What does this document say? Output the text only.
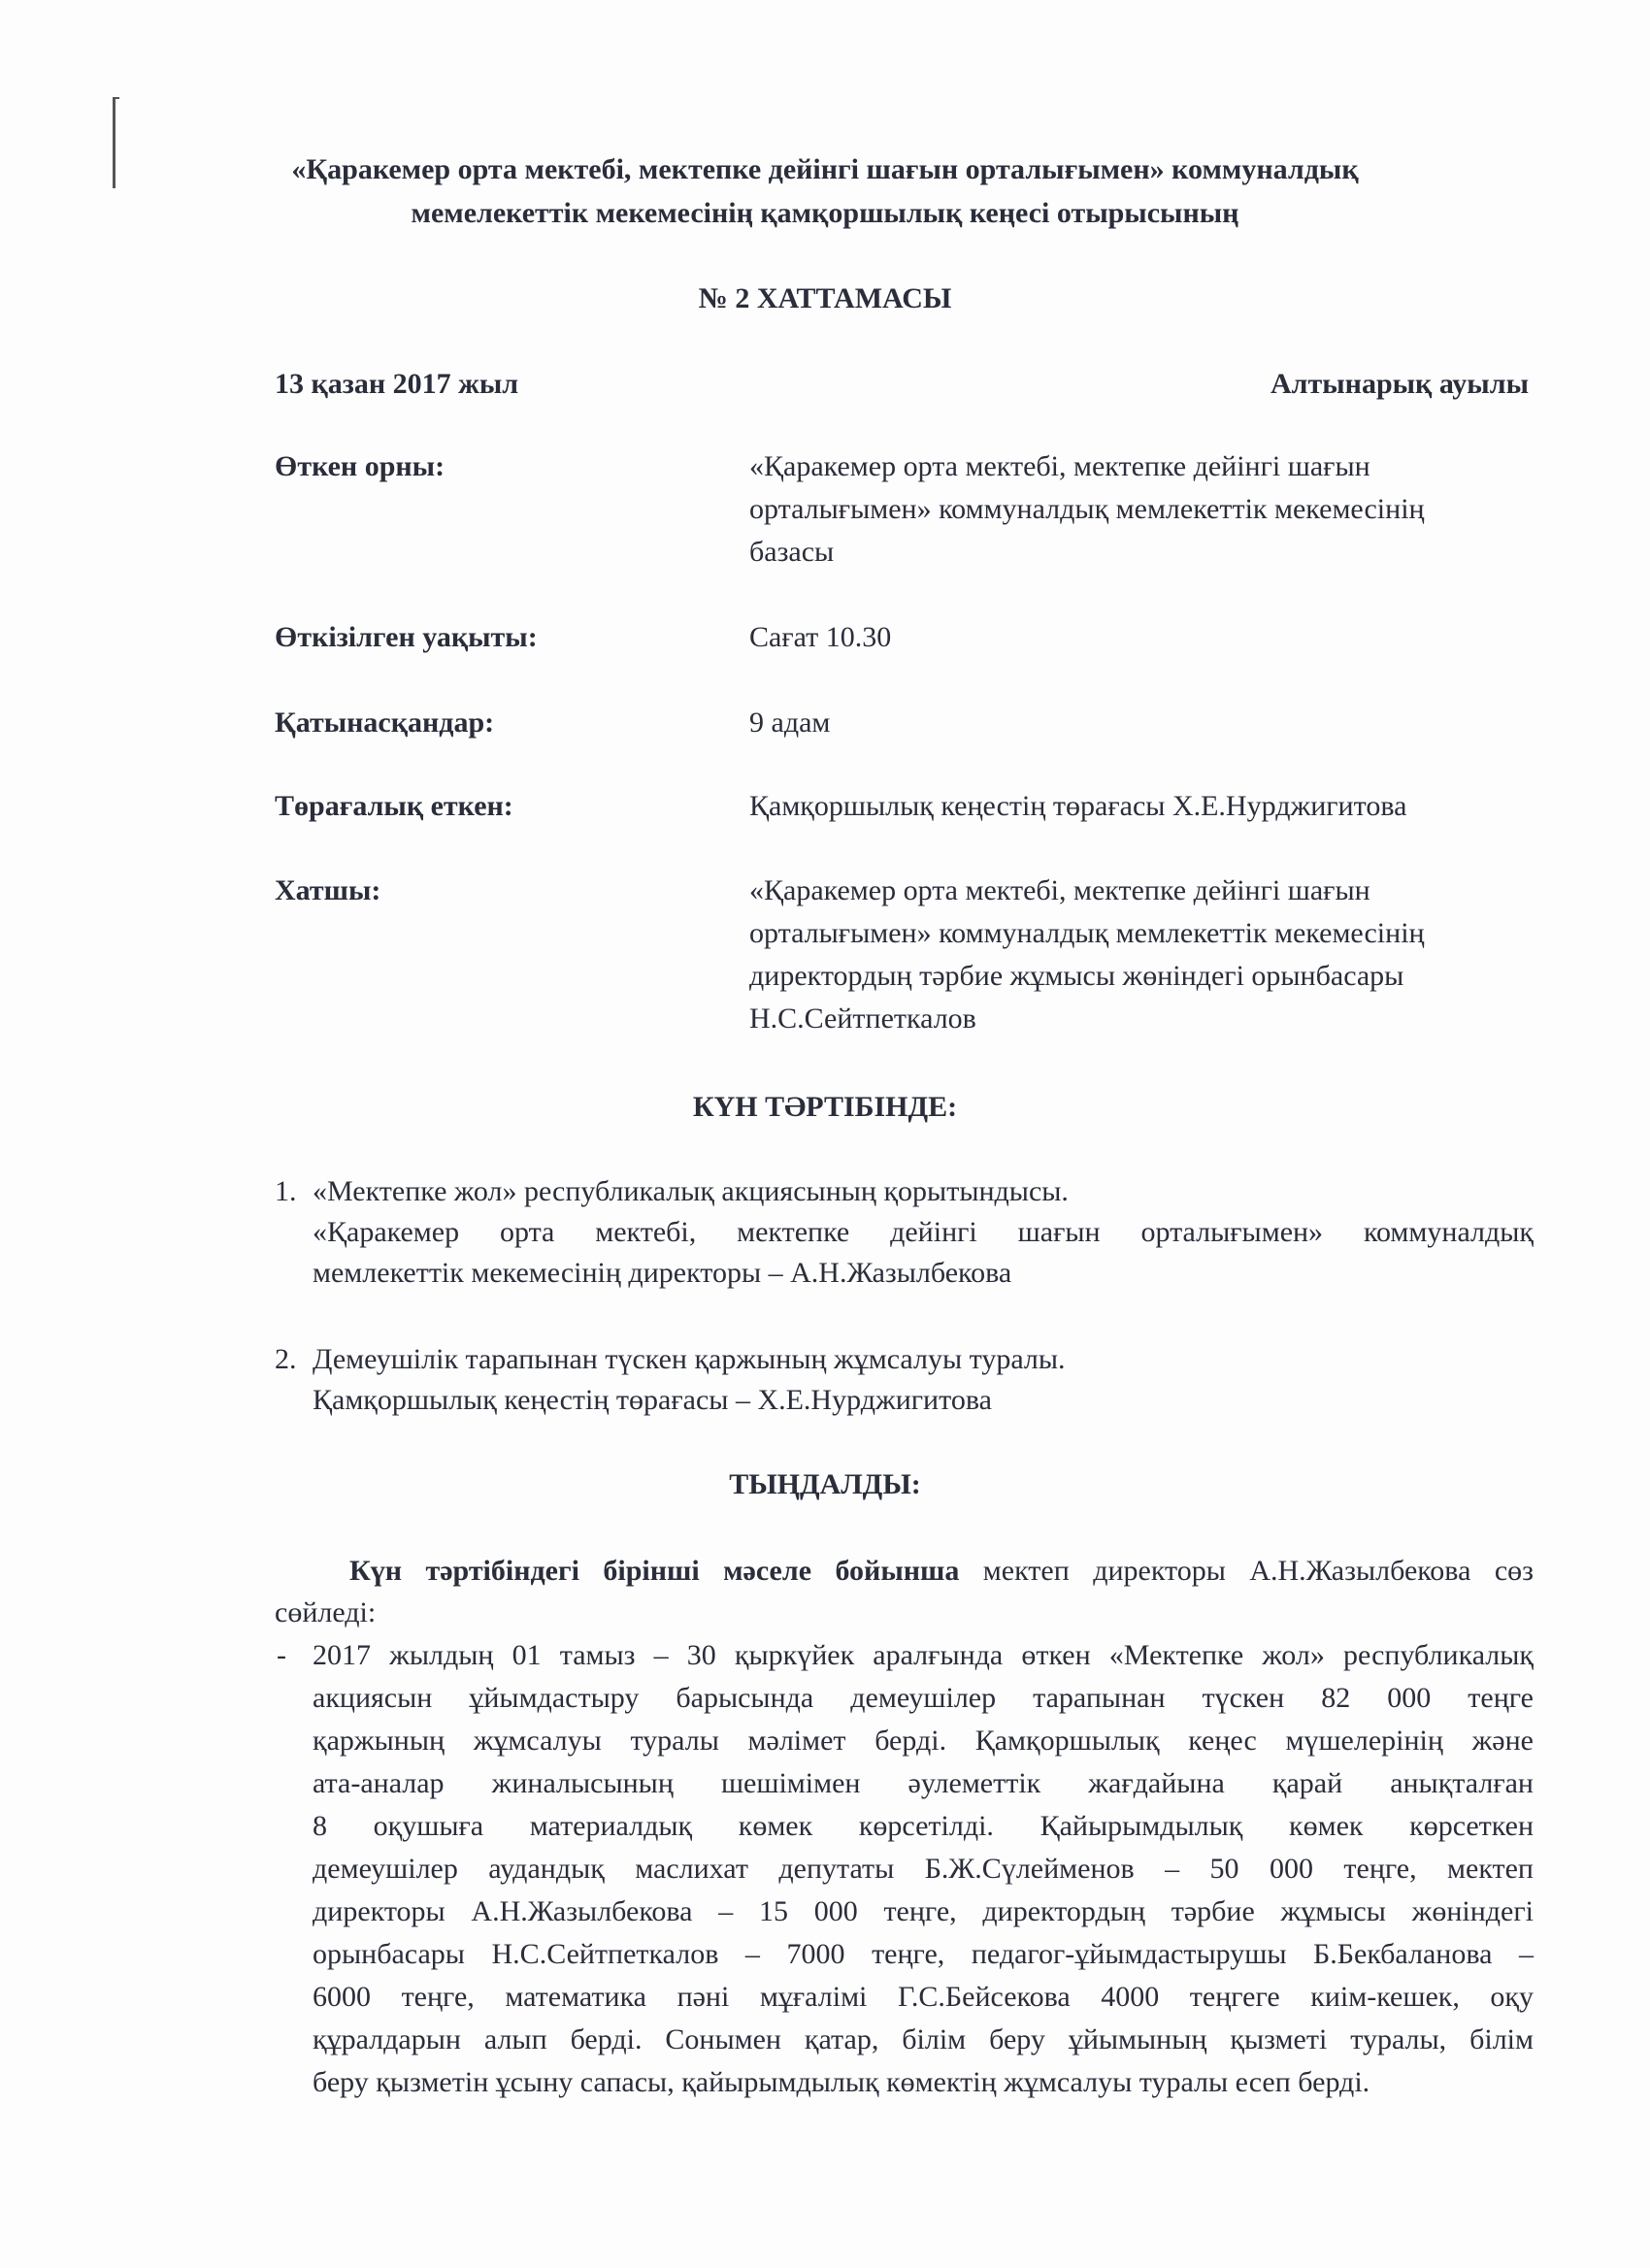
«Қаракемер орта мектебі, мектепке дейінгі шағын орталығымен» коммуналдық
мемелекеттік мекемесінің қамқоршылық кеңесі отырысының
№ 2 ХАТТАМАСЫ
13 қазан 2017 жыл	Алтынарық ауылы
Өткен орны:	«Қаракемер орта мектебі, мектепке дейінгі шағын
орталығымен» коммуналдық мемлекеттік мекемесінің
базасы
Өткізілген уақыты:	Сағат 10.30
Қатынасқандар:	9 адам
Төрағалық еткен:	Қамқоршылық кеңестің төрағасы Х.Е.Нурджигитова
Хатшы:	«Қаракемер орта мектебі, мектепке дейінгі шағын
орталығымен» коммуналдық мемлекеттік мекемесінің
директордың тәрбие жұмысы жөніндегі орынбасары
Н.С.Сейтпеткалов
КҮН ТӘРТІБІНДЕ:
1. «Мектепке жол» республикалық акциясының қорытындысы.
«Қаракемер орта мектебі, мектепке дейінгі шағын орталығымен» коммуналдық
мемлекеттік мекемесінің директоры – А.Н.Жазылбекова
2. Демеушілік тарапынан түскен қаржының жұмсалуы туралы.
Қамқоршылық кеңестің төрағасы – Х.Е.Нурджигитова
ТЫҢДАЛДЫ:
Күн тәртібіндегі бірінші мәселе бойынша мектеп директоры А.Н.Жазылбекова сөз
сөйледі:
- 2017 жылдың 01 тамыз – 30 қыркүйек аралғында өткен «Мектепке жол» республикалық
акциясын ұйымдастыру барысында демеушілер тарапынан түскен 82 000 теңге
қаржының жұмсалуы туралы мәлімет берді. Қамқоршылық кеңес мүшелерінің және
ата-аналар жиналысының шешімімен әулеметтік жағдайына қарай анықталған
8 оқушыға материалдық көмек көрсетілді. Қайырымдылық көмек көрсеткен
демеушілер аудандық маслихат депутаты Б.Ж.Сүлейменов – 50 000 теңге, мектеп
директоры А.Н.Жазылбекова – 15 000 теңге, директордың тәрбие жұмысы жөніндегі
орынбасары Н.С.Сейтпеткалов – 7000 теңге, педагог-ұйымдастырушы Б.Бекбаланова –
6000 теңге, математика пәні мұғалімі Г.С.Бейсекова 4000 теңгеге киім-кешек, оқу
құралдарын алып берді. Сонымен қатар, білім беру ұйымының қызметі туралы, білім
беру қызметін ұсыну сапасы, қайырымдылық көмектің жұмсалуы туралы есеп берді.
